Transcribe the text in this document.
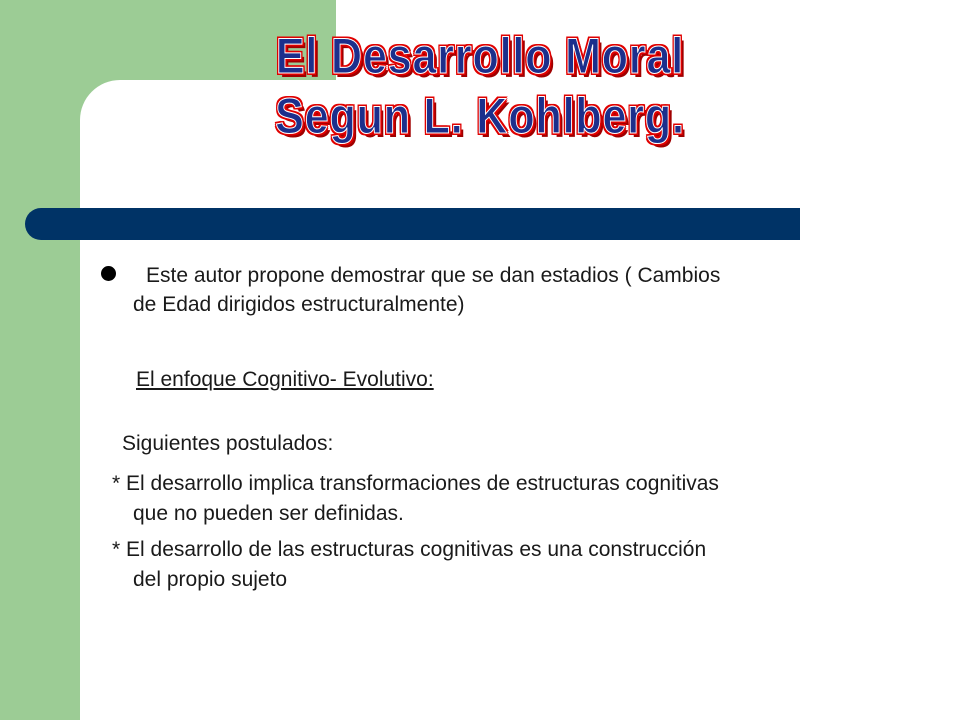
El Desarrollo Moral
Segun L. Kohlberg.
Este autor propone demostrar que se dan estadios ( Cambios
de Edad dirigidos estructuralmente)
El enfoque Cognitivo- Evolutivo:
Siguientes postulados:
* El desarrollo implica transformaciones de estructuras cognitivas
que no pueden ser definidas.
* El desarrollo de las estructuras cognitivas es una construcción
del propio sujeto
